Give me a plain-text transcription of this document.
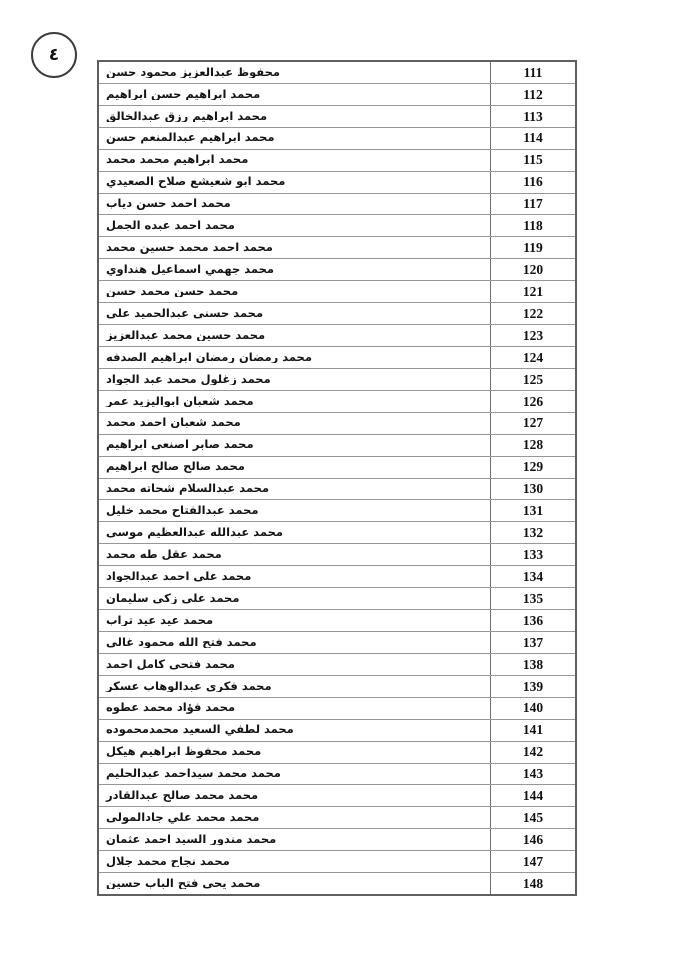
٤
محفوظ عبدالعزيز محمود حسن	111
محمد ابراهيم حسن ابراهيم	112
محمد ابراهيم رزق عبدالخالق	113
محمد ابراهيم عبدالمنعم حسن	114
محمد ابراهيم محمد محمد	115
محمد ابو شعيشع صلاح الصعيدي	116
محمد احمد حسن دياب	117
محمد احمد عبده الجمل	118
محمد احمد محمد حسين محمد	119
محمد جهمي اسماعيل هنداوي	120
محمد حسن محمد حسن	121
محمد حسنى عبدالحميد علي	122
محمد حسين محمد عبدالعزيز	123
محمد رمضان رمضان ابراهيم الصدفه	124
محمد زغلول محمد عبد الجواد	125
محمد شعبان ابواليزيد عمر	126
محمد شعبان احمد محمد	127
محمد صابر اصنعى ابراهيم	128
محمد صالح صالح ابراهيم	129
محمد عبدالسلام شحاته محمد	130
محمد عبدالفتاح محمد خليل	131
محمد عبدالله عبدالعظيم موسى	132
محمد عقل طه محمد	133
محمد علي احمد عبدالجواد	134
محمد علي زكي سليمان	135
محمد عيد عيد تراب	136
محمد فتح الله محمود غالى	137
محمد فتحى كامل احمد	138
محمد فكري عبدالوهاب عسكر	139
محمد فؤاد محمد عطوه	140
محمد لطفي السعيد محمدمحموده	141
محمد محفوظ ابراهيم هيكل	142
محمد محمد سيداحمد عبدالحليم	143
محمد محمد صالح عبدالقادر	144
محمد محمد علي جادالمولى	145
محمد مندور السيد احمد عثمان	146
محمد نجاح محمد جلال	147
محمد يحي فتح الباب حسين	148
